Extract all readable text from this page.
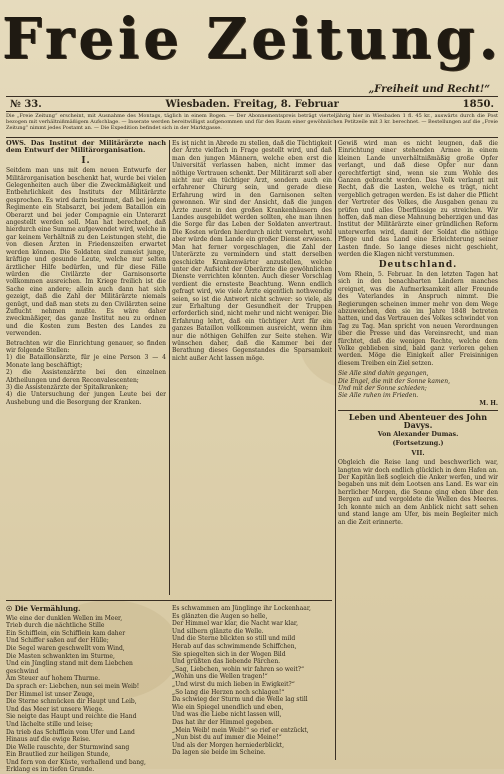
Freie Zeitung.
„Freiheit und Recht!“
№ 33.	Wiesbaden. Freitag, 8. Februar	1850.
Die „Freie Zeitung“ erscheint, mit Ausnahme des Montags, täglich in einem Bogen. — Der Abonnementspreis beträgt vierteljährig hier in Wiesbaden 1 fl. 45 kr., auswärts durch die Post bezogen mit verhältnißmäßigem Aufschlage. — Inserate werden bereitwilligst aufgenommen und für den Raum einer gewöhnlichen Petitzeile mit 3 kr. berechnet. — Bestellungen auf die „Freie Zeitung“ nimmt jedes Postamt an. — Die Expedition befindet sich in der Marktgasse.
OWS. Das Institut der Militärärzte nach dem Entwurf der Militärorganisation.
I.
Seitdem man uns mit dem neuen Entwurfe der Militärorganisation beschenkt hat, wurde bei vielen Gelegenheiten auch über die Zweckmäßigkeit und Entbehrlichkeit des Instituts der Militärärzte gesprochen. Es wird darin bestimmt, daß bei jedem Regimente ein Stabsarzt, bei jedem Bataillon ein Oberarzt und bei jeder Compagnie ein Unterarzt angestellt werden soll. Man hat berechnet, daß hierdurch eine Summe aufgewendet wird, welche in gar keinem Verhältniß zu den Leistungen steht, die von diesen Ärzten in Friedenszeiten erwartet werden können. Die Soldaten sind zumeist junge, kräftige und gesunde Leute, welche nur selten ärztlicher Hilfe bedürfen, und für diese Fälle würden die Civilärzte der Garnisonsorte vollkommen ausreichen. Im Kriege freilich ist die Sache eine andere; allein auch dann hat sich gezeigt, daß die Zahl der Militärärzte niemals genügt, und daß man stets zu den Civilärzten seine Zuflucht nehmen mußte. Es wäre daher zweckmäßiger, das ganze Institut neu zu ordnen und die Kosten zum Besten des Landes zu verwenden.
Betrachten wir die Einrichtung genauer, so finden wir folgende Stellen:
1) die Bataillonsärzte, für je eine Person 3 — 4 Monate lang beschäftigt;
2) die Assistenzärzte bei den einzelnen Abtheilungen und deren Reconvalescenten;
3) die Assistenzärzte der Spitalkranken;
4) die Untersuchung der jungen Leute bei der Aushebung und die Besorgung der Kranken.
Es ist nicht in Abrede zu stellen, daß die Tüchtigkeit der Ärzte vielfach in Frage gestellt wird, und daß man den jungen Männern, welche eben erst die Universität verlassen haben, nicht immer das nöthige Vertrauen schenkt. Der Militärarzt soll aber nicht nur ein tüchtiger Arzt, sondern auch ein erfahrener Chirurg sein, und gerade diese Erfahrung wird in den Garnisonen selten gewonnen. Wir sind der Ansicht, daß die jungen Ärzte zuerst in den großen Krankenhäusern des Landes ausgebildet werden sollten, ehe man ihnen die Sorge für das Leben der Soldaten anvertraut. Die Kosten würden hierdurch nicht vermehrt, wohl aber würde dem Lande ein großer Dienst erwiesen. Man hat ferner vorgeschlagen, die Zahl der Unterärzte zu vermindern und statt derselben geschickte Krankenwärter anzustellen, welche unter der Aufsicht der Oberärzte die gewöhnlichen Dienste verrichten könnten. Auch dieser Vorschlag verdient die ernsteste Beachtung. Wenn endlich gefragt wird, wie viele Ärzte eigentlich nothwendig seien, so ist die Antwort nicht schwer: so viele, als zur Erhaltung der Gesundheit der Truppen erforderlich sind, nicht mehr und nicht weniger. Die Erfahrung lehrt, daß ein tüchtiger Arzt für ein ganzes Bataillon vollkommen ausreicht, wenn ihm nur die nöthigen Gehilfen zur Seite stehen. Wir wünschen daher, daß die Kammer bei der Berathung dieses Gegenstandes die Sparsamkeit nicht außer Acht lassen möge.
Gewiß wird man es nicht leugnen, daß die Einrichtung einer stehenden Armee in einem kleinen Lande unverhältnißmäßig große Opfer verlangt, und daß diese Opfer nur dann gerechtfertigt sind, wenn sie zum Wohle des Ganzen gebracht werden. Das Volk verlangt mit Recht, daß die Lasten, welche es trägt, nicht vergeblich getragen werden. Es ist daher die Pflicht der Vertreter des Volkes, die Ausgaben genau zu prüfen und alles Überflüssige zu streichen. Wir hoffen, daß man diese Mahnung beherzigen und das Institut der Militärärzte einer gründlichen Reform unterwerfen wird, damit der Soldat die nöthige Pflege und das Land eine Erleichterung seiner Lasten finde. So lange dieses nicht geschieht, werden die Klagen nicht verstummen.
Deutschland.
Vom Rhein, 5. Februar. In den letzten Tagen hat sich in den benachbarten Ländern manches ereignet, was die Aufmerksamkeit aller Freunde des Vaterlandes in Anspruch nimmt. Die Regierungen scheinen immer mehr von dem Wege abzuweichen, den sie im Jahre 1848 betreten hatten, und das Vertrauen des Volkes schwindet von Tag zu Tag. Man spricht von neuen Verordnungen über die Presse und das Vereinsrecht, und man fürchtet, daß die wenigen Rechte, welche dem Volke geblieben sind, bald ganz verloren gehen werden. Möge die Einigkeit aller Freisinnigen diesem Treiben ein Ziel setzen.
Sie Alle sind dahin gegangen,
Die Engel, die mit der Sonne kamen,
Und mit der Sonne schieden;
Sie Alle ruhen im Frieden.
M. H.
Leben und Abenteuer des John Davys.
Von Alexander Dumas.
(Fortsetzung.)
VII.
Obgleich die Reise lang und beschwerlich war, langten wir doch endlich glücklich in dem Hafen an. Der Kapitän ließ sogleich die Anker werfen, und wir begaben uns mit dem Lootsen ans Land. Es war ein herrlicher Morgen, die Sonne ging eben über den Bergen auf und vergoldete die Wellen des Meeres. Ich konnte mich an dem Anblick nicht satt sehen und stand lange am Ufer, bis mein Begleiter mich an die Zeit erinnerte.
☉ Die Vermählung.
Wie eine der dunklen Wellen im Meer,
Trieb durch die nächtliche Stille
Ein Schifflein, ein Schifflein kam daher
Und Schiffer saßen auf der Hülle;
Die Segel waren geschwellt vom Wind,
Die Masten schwankten im Sturme,
Und ein Jüngling stand mit dem Liebchen geschwind
Am Steuer auf hohem Thurme.
Da sprach er: Liebchen, nun sei mein Weib!
Der Himmel ist unser Zeuge,
Die Sterne schmücken dir Haupt und Leib,
Und das Meer ist unsere Wiege.
Sie neigte das Haupt und reichte die Hand
Und lächelte stille und leise;
Da trieb das Schifflein vom Ufer und Land
Hinaus auf die ewige Reise.
Die Welle rauschte, der Sturmwind sang
Ein Brautlied zur heiligen Stunde,
Und fern von der Küste, verhallend und bang,
Erklang es im tiefen Grunde.
Es schwammen am Jünglinge ihr Lockenhaar,
Es glänzten die Augen so helle,
Der Himmel war klar, die Nacht war klar,
Und silbern glänzte die Welle.
Und die Sterne blickten so still und mild
Herab auf das schwimmende Schiffchen,
Sie spiegelten sich in der Wogen Bild
Und grüßten das liebende Pärchen.
„Sag, Liebchen, wohin wir fahren so weit?“
„Wohin uns die Wellen tragen!“
„Und wirst du mich lieben in Ewigkeit?“
„So lang die Herzen noch schlagen!“
Da schwieg der Sturm und die Welle lag still
Wie ein Spiegel unendlich und eben,
Und was die Liebe nicht lassen will,
Das hat ihr der Himmel gegeben.
„Mein Weib! mein Weib!“ so rief er entzückt,
„Nun bist du auf immer die Meine!“
Und als der Morgen herniederblickt,
Da lagen sie beide im Scheine.
